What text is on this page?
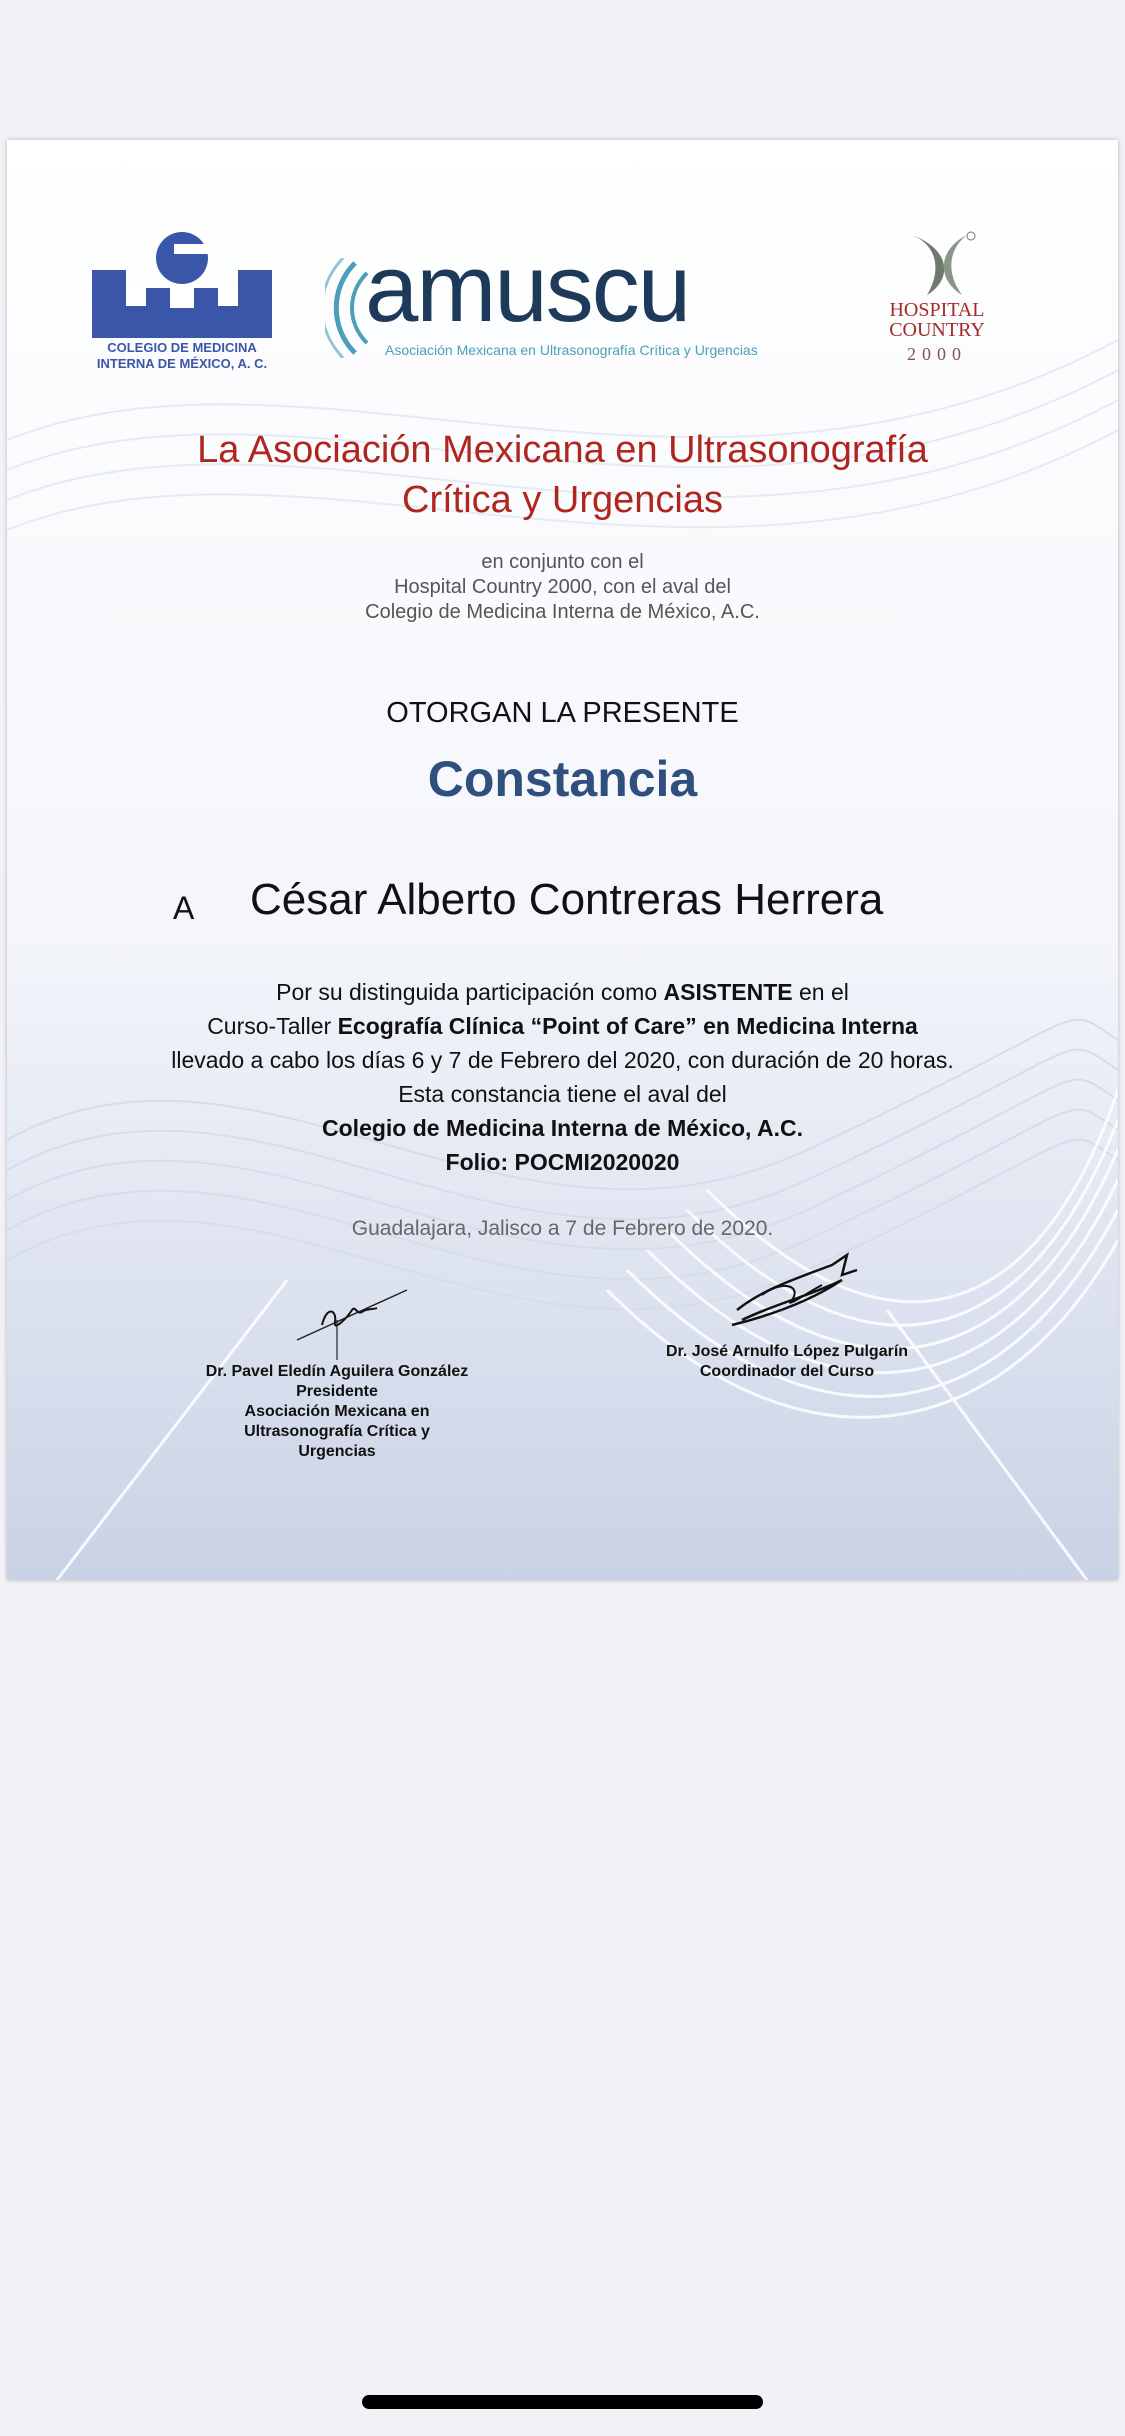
COLEGIO DE MEDICINA
INTERNA DE MÉXICO, A. C.
amuscu
Asociación Mexicana en Ultrasonografía Crítica y Urgencias
HOSPITAL
COUNTRY
2000
La Asociación Mexicana en Ultrasonografía
Crítica y Urgencias
en conjunto con el
Hospital Country 2000, con el aval del
Colegio de Medicina Interna de México, A.C.
OTORGAN LA PRESENTE
Constancia
A César Alberto Contreras Herrera
Por su distinguida participación como ASISTENTE en el
Curso-Taller Ecografía Clínica “Point of Care” en Medicina Interna
llevado a cabo los días 6 y 7 de Febrero del 2020, con duración de 20 horas.
Esta constancia tiene el aval del
Colegio de Medicina Interna de México, A.C.
Folio: POCMI2020020
Guadalajara, Jalisco a 7 de Febrero de 2020.
Dr. Pavel Eledín Aguilera González
Presidente
Asociación Mexicana en
Ultrasonografía Crítica y
Urgencias
Dr. José Arnulfo López Pulgarín
Coordinador del Curso
